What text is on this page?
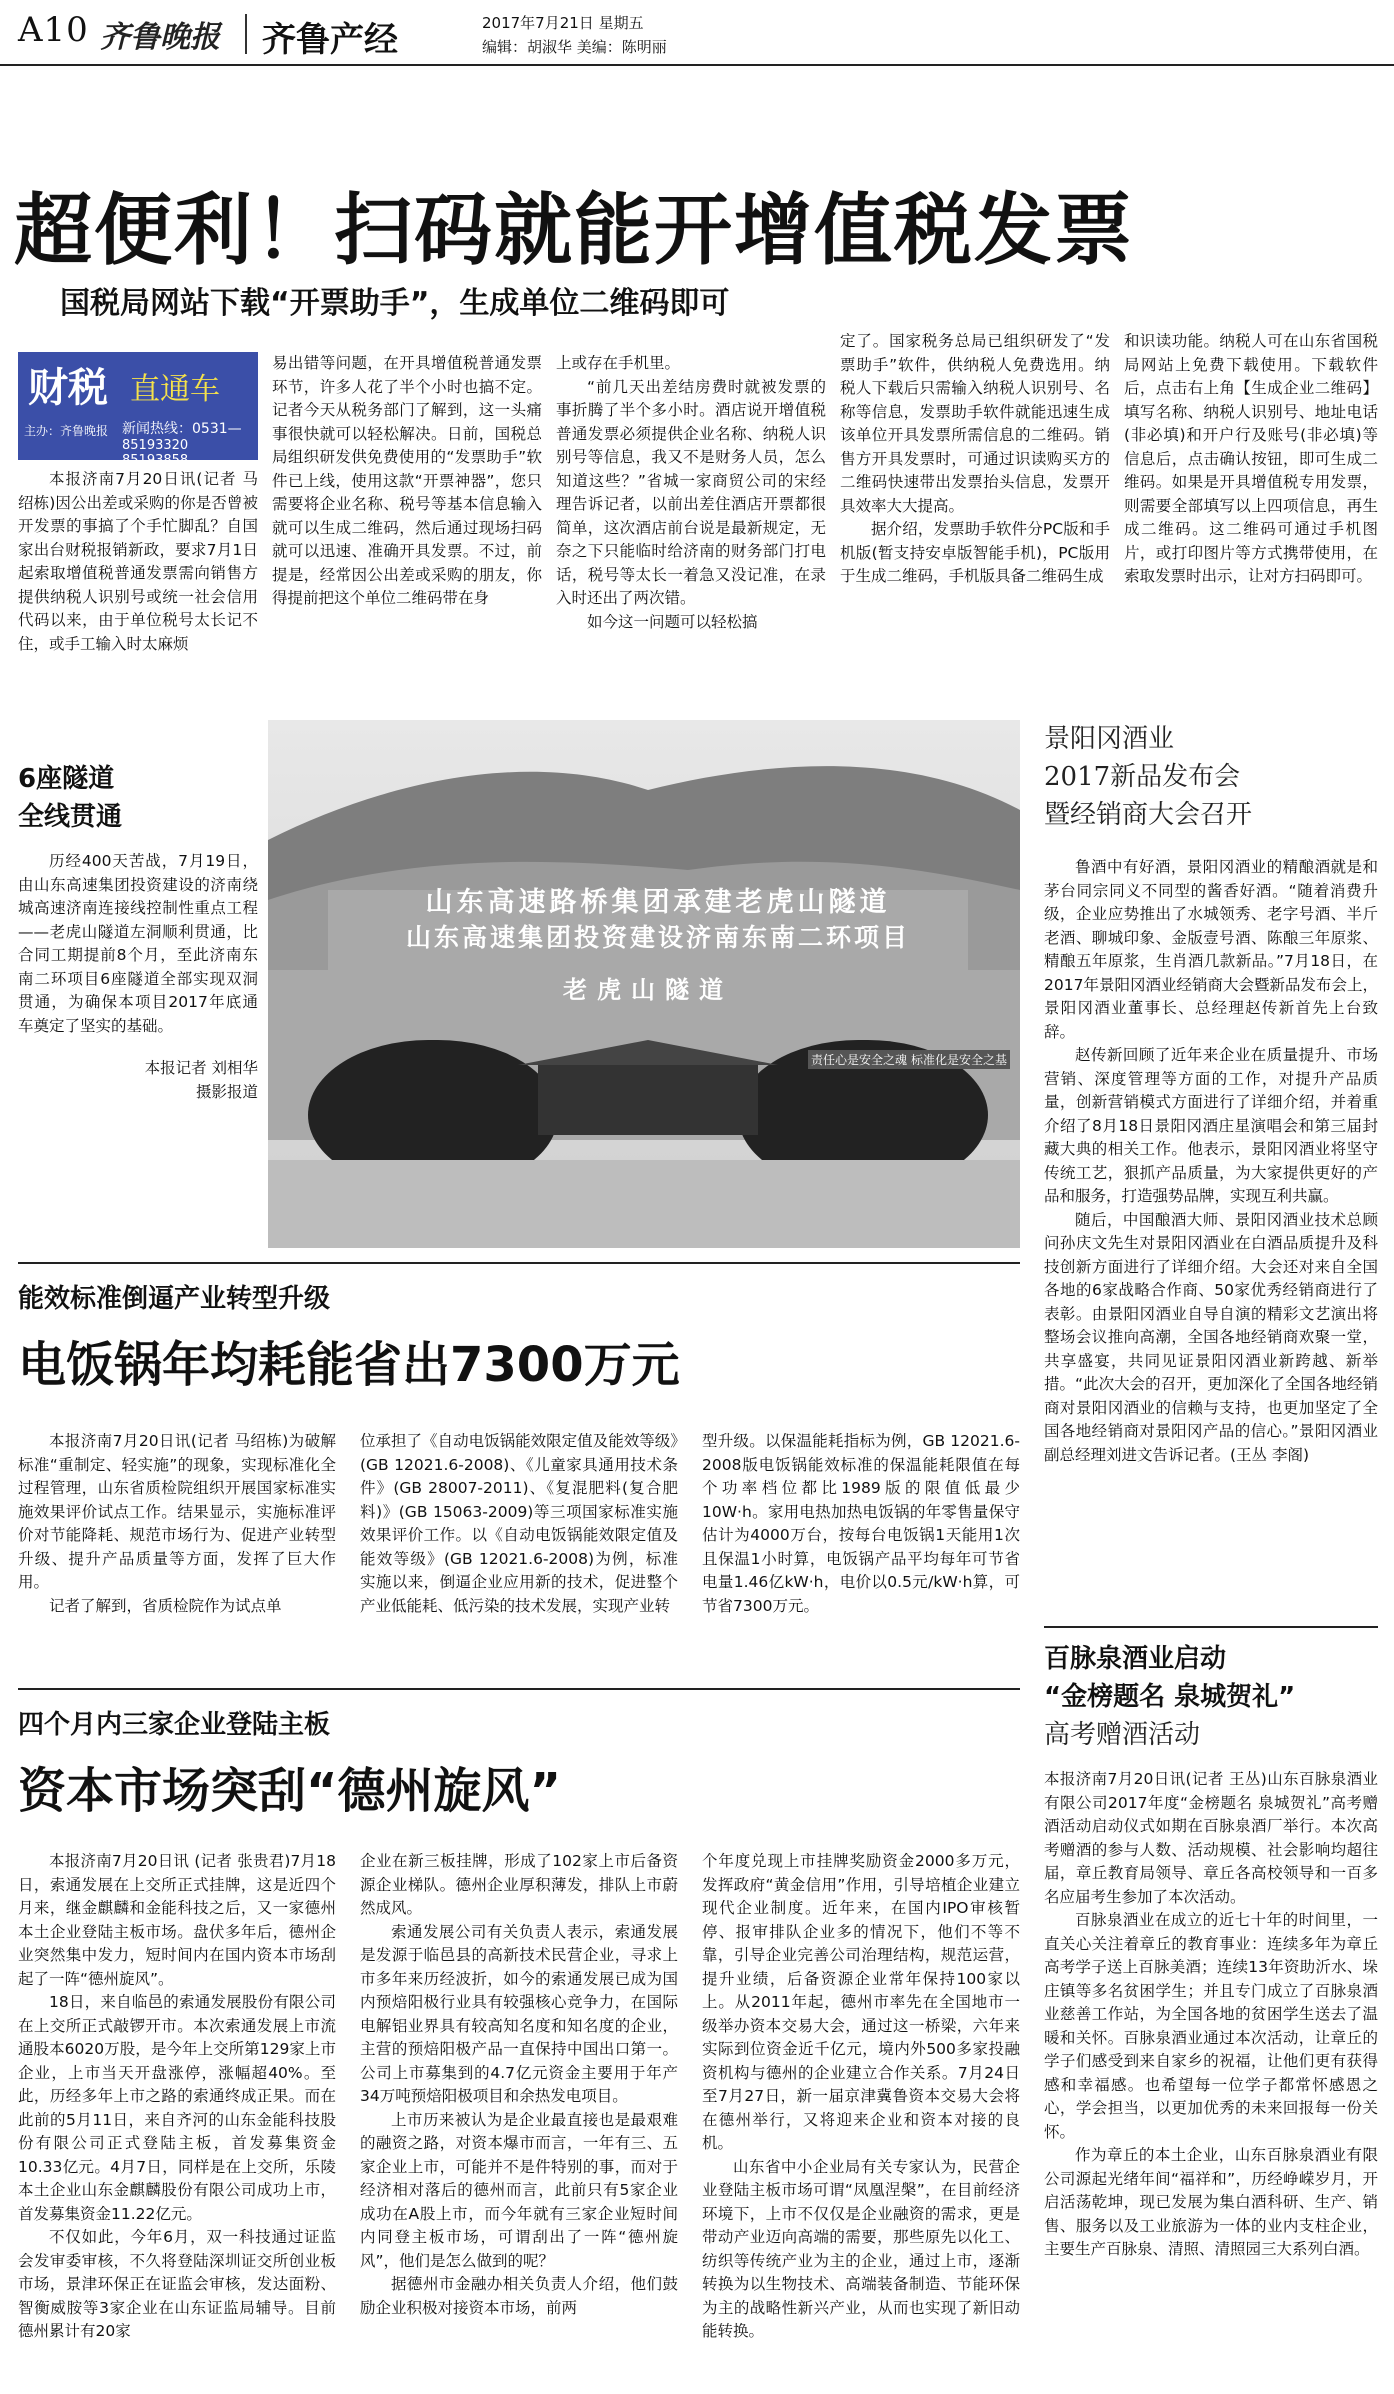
A10 齐鲁晚报 齐鲁产经	2017年7月21日 星期五
编辑：胡淑华 美编：陈明丽
超便利！扫码就能开增值税发票
国税局网站下载“开票助手”，生成单位二维码即可
财税 直通车
主办：齐鲁晚报 新闻热线：0531—
85193320 85193858

本报济南7月20日讯(记者 马绍栋)因公出差或采购的你是否曾被开发票的事搞了个手忙脚乱？自国家出台财税报销新政，要求7月1日起索取增值税普通发票需向销售方提供纳税人识别号或统一社会信用代码以来，由于单位税号太长记不住，或手工输入时太麻烦

易出错等问题，在开具增值税普通发票环节，许多人花了半个小时也搞不定。记者今天从税务部门了解到，这一头痛事很快就可以轻松解决。日前，国税总局组织研发供免费使用的“发票助手”软件已上线，使用这款“开票神器”，您只需要将企业名称、税号等基本信息输入就可以生成二维码，然后通过现场扫码就可以迅速、准确开具发票。不过，前提是，经常因公出差或采购的朋友，你得提前把这个单位二维码带在身

上或存在手机里。

“前几天出差结房费时就被发票的事折腾了半个多小时。酒店说开增值税普通发票必须提供企业名称、纳税人识别号等信息，我又不是财务人员，怎么知道这些？”省城一家商贸公司的宋经理告诉记者，以前出差住酒店开票都很简单，这次酒店前台说是最新规定，无奈之下只能临时给济南的财务部门打电话，税号等太长一着急又没记准，在录入时还出了两次错。

如今这一问题可以轻松搞

定了。国家税务总局已组织研发了“发票助手”软件，供纳税人免费选用。纳税人下载后只需输入纳税人识别号、名称等信息，发票助手软件就能迅速生成该单位开具发票所需信息的二维码。销售方开具发票时，可通过识读购买方的二维码快速带出发票抬头信息，发票开具效率大大提高。

据介绍，发票助手软件分PC版和手机版(暂支持安卓版智能手机)，PC版用于生成二维码，手机版具备二维码生成

和识读功能。纳税人可在山东省国税局网站上免费下载使用。下载软件后，点击右上角【生成企业二维码】填写名称、纳税人识别号、地址电话(非必填)和开户行及账号(非必填)等信息后，点击确认按钮，即可生成二维码。如果是开具增值税专用发票，则需要全部填写以上四项信息，再生成二维码。这二维码可通过手机图片，或打印图片等方式携带使用，在索取发票时出示，让对方扫码即可。

山东高速路桥集团承建老虎山隧道
山东高速集团投资建设济南东南二环项目
老虎山隧道
责任心是安全之魂 标准化是安全之基
6座隧道
全线贯通
历经400天苦战，7月19日，由山东高速集团投资建设的济南绕城高速济南连接线控制性重点工程——老虎山隧道左洞顺利贯通，比合同工期提前8个月，至此济南东南二环项目6座隧道全部实现双洞贯通，为确保本项目2017年底通车奠定了坚实的基础。
本报记者 刘相华
摄影报道
景阳冈酒业
2017新品发布会
暨经销商大会召开

鲁酒中有好酒，景阳冈酒业的精酿酒就是和茅台同宗同义不同型的酱香好酒。“随着消费升级，企业应势推出了水城领秀、老字号酒、半斤老酒、聊城印象、金版壹号酒、陈酿三年原浆、精酿五年原浆，生肖酒几款新品。”7月18日，在2017年景阳冈酒业经销商大会暨新品发布会上，景阳冈酒业董事长、总经理赵传新首先上台致辞。

赵传新回顾了近年来企业在质量提升、市场营销、深度管理等方面的工作，对提升产品质量，创新营销模式方面进行了详细介绍，并着重介绍了8月18日景阳冈酒庄星演唱会和第三届封藏大典的相关工作。他表示，景阳冈酒业将坚守传统工艺，狠抓产品质量，为大家提供更好的产品和服务，打造强势品牌，实现互利共赢。

随后，中国酿酒大师、景阳冈酒业技术总顾问孙庆文先生对景阳冈酒业在白酒品质提升及科技创新方面进行了详细介绍。大会还对来自全国各地的6家战略合作商、50家优秀经销商进行了表彰。由景阳冈酒业自导自演的精彩文艺演出将整场会议推向高潮，全国各地经销商欢聚一堂，共享盛宴，共同见证景阳冈酒业新跨越、新举措。“此次大会的召开，更加深化了全国各地经销商对景阳冈酒业的信赖与支持，也更加坚定了全国各地经销商对景阳冈产品的信心。”景阳冈酒业副总经理刘进文告诉记者。(王丛 李阁)

能效标准倒逼产业转型升级
电饭锅年均耗能省出7300万元

本报济南7月20日讯(记者 马绍栋)为破解标准“重制定、轻实施”的现象，实现标准化全过程管理，山东省质检院组织开展国家标准实施效果评价试点工作。结果显示，实施标准评价对节能降耗、规范市场行为、促进产业转型升级、提升产品质量等方面，发挥了巨大作用。

记者了解到，省质检院作为试点单

位承担了《自动电饭锅能效限定值及能效等级》(GB 12021.6-2008)、《儿童家具通用技术条件》(GB 28007-2011)、《复混肥料(复合肥料)》(GB 15063-2009)等三项国家标准实施效果评价工作。以《自动电饭锅能效限定值及能效等级》(GB 12021.6-2008)为例，标准实施以来，倒逼企业应用新的技术，促进整个产业低能耗、低污染的技术发展，实现产业转

型升级。以保温能耗指标为例，GB 12021.6-2008版电饭锅能效标准的保温能耗限值在每个功率档位都比1989版的限值低最少10W·h。家用电热加热电饭锅的年零售量保守估计为4000万台，按每台电饭锅1天能用1次且保温1小时算，电饭锅产品平均每年可节省电量1.46亿kW·h，电价以0.5元/kW·h算，可节省7300万元。

四个月内三家企业登陆主板
资本市场突刮“德州旋风”

本报济南7月20日讯 (记者 张贵君)7月18日，索通发展在上交所正式挂牌，这是近四个月来，继金麒麟和金能科技之后，又一家德州本土企业登陆主板市场。盘伏多年后，德州企业突然集中发力，短时间内在国内资本市场刮起了一阵“德州旋风”。

18日，来自临邑的索通发展股份有限公司在上交所正式敲锣开市。本次索通发展上市流通股本6020万股，是今年上交所第129家上市企业，上市当天开盘涨停，涨幅超40%。至此，历经多年上市之路的索通终成正果。而在此前的5月11日，来自齐河的山东金能科技股份有限公司正式登陆主板，首发募集资金10.33亿元。4月7日，同样是在上交所，乐陵本土企业山东金麒麟股份有限公司成功上市，首发募集资金11.22亿元。

不仅如此，今年6月，双一科技通过证监会发审委审核，不久将登陆深圳证交所创业板市场，景津环保正在证监会审核，发达面粉、智衡威胺等3家企业在山东证监局辅导。目前德州累计有20家

企业在新三板挂牌，形成了102家上市后备资源企业梯队。德州企业厚积薄发，排队上市蔚然成风。

索通发展公司有关负责人表示，索通发展是发源于临邑县的高新技术民营企业，寻求上市多年来历经波折，如今的索通发展已成为国内预焙阳极行业具有较强核心竞争力，在国际电解铝业界具有较高知名度和知名度的企业，主营的预焙阳极产品一直保持中国出口第一。公司上市募集到的4.7亿元资金主要用于年产34万吨预焙阳极项目和余热发电项目。

上市历来被认为是企业最直接也是最艰难的融资之路，对资本爆市而言，一年有三、五家企业上市，可能并不是件特别的事，而对于经济相对落后的德州而言，此前只有5家企业成功在A股上市，而今年就有三家企业短时间内同登主板市场，可谓刮出了一阵“德州旋风”，他们是怎么做到的呢？

据德州市金融办相关负责人介绍，他们鼓励企业积极对接资本市场，前两

个年度兑现上市挂牌奖励资金2000多万元，发挥政府“黄金信用”作用，引导培植企业建立现代企业制度。近年来，在国内IPO审核暂停、报审排队企业多的情况下，他们不等不靠，引导企业完善公司治理结构，规范运营，提升业绩，后备资源企业常年保持100家以上。从2011年起，德州市率先在全国地市一级举办资本交易大会，通过这一桥梁，六年来实际到位资金近千亿元，境内外500多家投融资机构与德州的企业建立合作关系。7月24日至7月27日，新一届京津冀鲁资本交易大会将在德州举行，又将迎来企业和资本对接的良机。

山东省中小企业局有关专家认为，民营企业登陆主板市场可谓“凤凰涅槃”，在目前经济环境下，上市不仅仅是企业融资的需求，更是带动产业迈向高端的需要，那些原先以化工、纺织等传统产业为主的企业，通过上市，逐渐转换为以生物技术、高端装备制造、节能环保为主的战略性新兴产业，从而也实现了新旧动能转换。

百脉泉酒业启动
“金榜题名 泉城贺礼”
高考赠酒活动

本报济南7月20日讯(记者 王丛)山东百脉泉酒业有限公司2017年度“金榜题名 泉城贺礼”高考赠酒活动启动仪式如期在百脉泉酒厂举行。本次高考赠酒的参与人数、活动规模、社会影响均超往届，章丘教育局领导、章丘各高校领导和一百多名应届考生参加了本次活动。

百脉泉酒业在成立的近七十年的时间里，一直关心关注着章丘的教育事业：连续多年为章丘高考学子送上百脉美酒；连续13年资助沂水、垛庄镇等多名贫困学生；并且专门成立了百脉泉酒业慈善工作站，为全国各地的贫困学生送去了温暖和关怀。百脉泉酒业通过本次活动，让章丘的学子们感受到来自家乡的祝福，让他们更有获得感和幸福感。也希望每一位学子都常怀感恩之心，学会担当，以更加优秀的未来回报每一份关怀。

作为章丘的本土企业，山东百脉泉酒业有限公司源起光绪年间“福祥和”，历经峥嵘岁月，开启活荡乾坤，现已发展为集白酒科研、生产、销售、服务以及工业旅游为一体的业内支柱企业，主要生产百脉泉、清照、清照园三大系列白酒。
